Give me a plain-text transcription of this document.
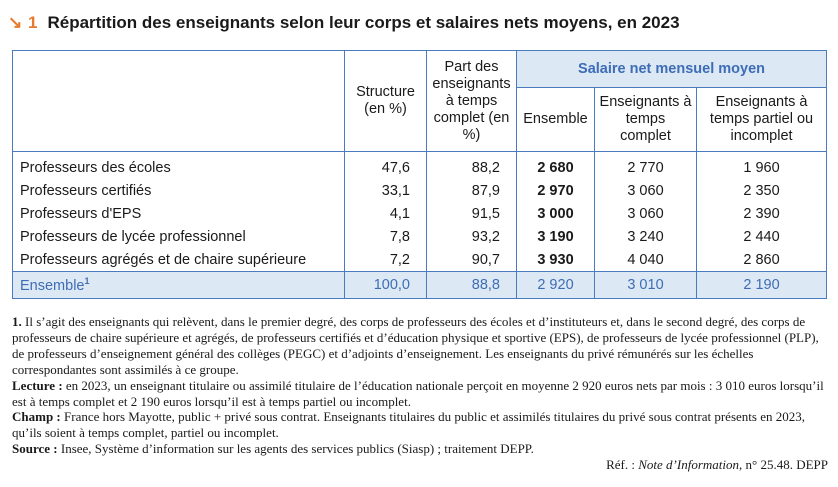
↘ 1 Répartition des enseignants selon leur corps et salaires nets moyens, en 2023
	Structure (en %)	Part des enseignants à temps complet (en %)	Salaire net mensuel moyen		
			Ensemble	Enseignants à temps complet	Enseignants à temps partiel ou incomplet
Professeurs des écoles	47,6	88,2	2 680	2 770	1 960
Professeurs certifiés	33,1	87,9	2 970	3 060	2 350
Professeurs d'EPS	4,1	91,5	3 000	3 060	2 390
Professeurs de lycée professionnel	7,8	93,2	3 190	3 240	2 440
Professeurs agrégés et de chaire supérieure	7,2	90,7	3 930	4 040	2 860
Ensemble$^1$	100,0	88,8	2 920	3 010	2 190

1. Il s’agit des enseignants qui relèvent, dans le premier degré, des corps de professeurs des écoles et d’instituteurs et, dans le second degré, des corps de professeurs de chaire supérieure et agrégés, de professeurs certifiés et d’éducation physique et sportive (EPS), de professeurs de lycée professionnel (PLP), de professeurs d’enseignement général des collèges (PEGC) et d’adjoints d’enseignement. Les enseignants du privé rémunérés sur les échelles correspondantes sont assimilés à ce groupe.

Lecture : en 2023, un enseignant titulaire ou assimilé titulaire de l’éducation nationale perçoit en moyenne 2 920 euros nets par mois : 3 010 euros lorsqu’il est à temps complet et 2 190 euros lorsqu’il est à temps partiel ou incomplet.

Champ : France hors Mayotte, public + privé sous contrat. Enseignants titulaires du public et assimilés titulaires du privé sous contrat présents en 2023, qu’ils soient à temps complet, partiel ou incomplet.

Source : Insee, Système d’information sur les agents des services publics (Siasp) ; traitement DEPP.

Réf. : Note d’Information, n° 25.48. DEPP
